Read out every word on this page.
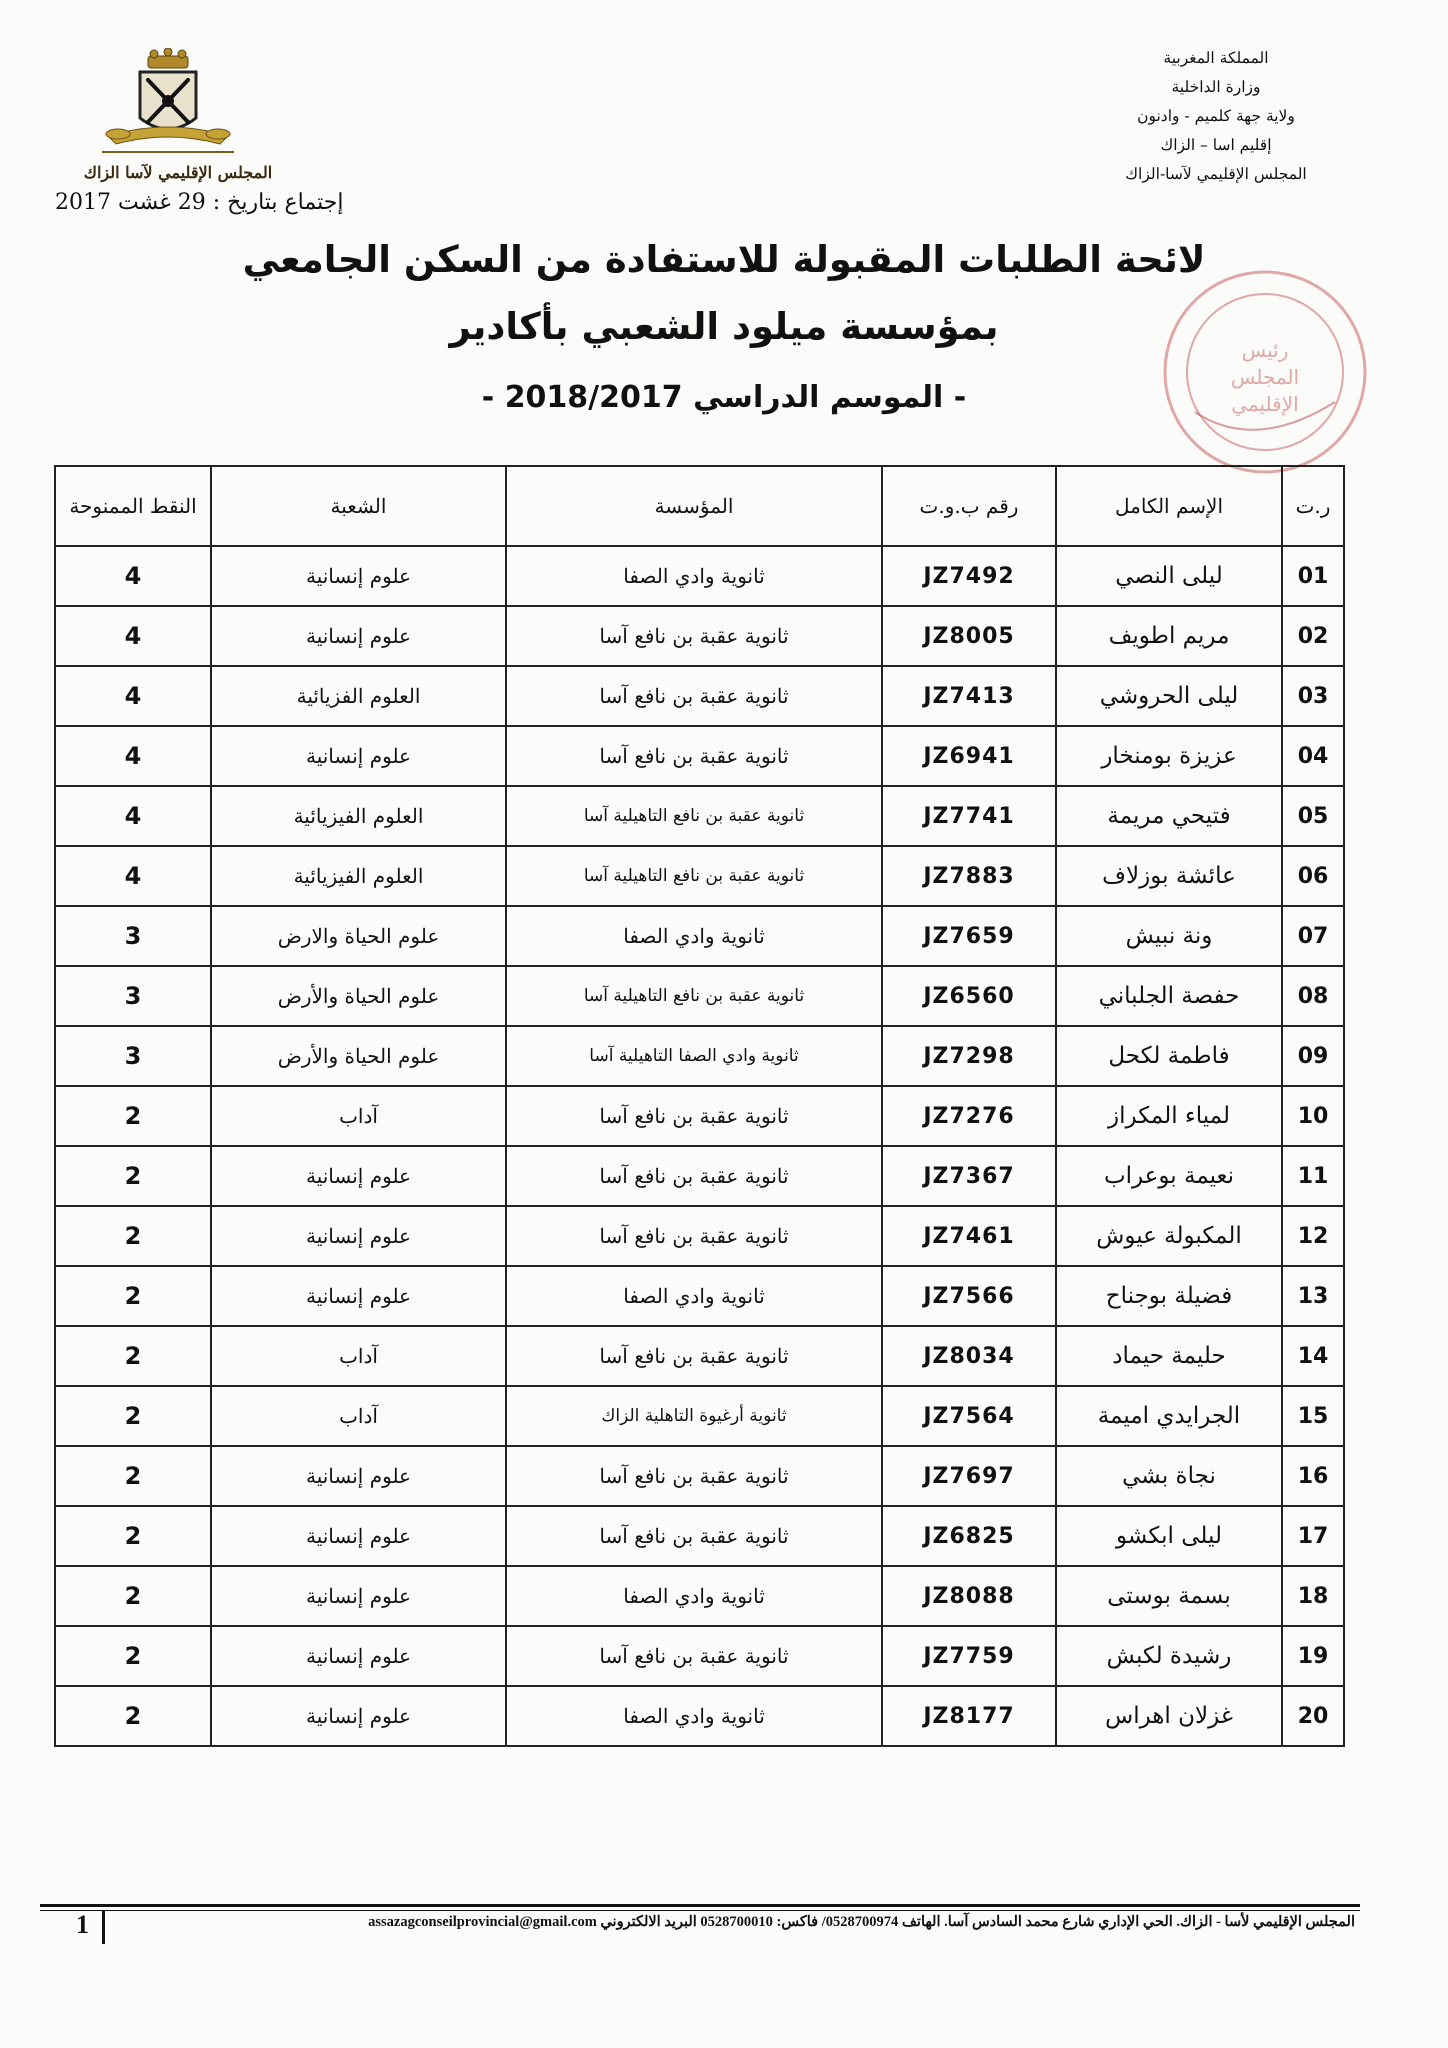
المجلس الإقليمي لآسا الزاك
إجتماع بتاريخ : 29 غشت 2017
المملكة المغربية
وزارة الداخلية
ولاية جهة كلميم - وادنون
إقليم اسا – الزاك
المجلس الإقليمي لآسا-الزاك
رئيس
المجلس
الإقليمي
لائحة الطلبات المقبولة للاستفادة من السكن الجامعي
بمؤسسة ميلود الشعبي بأكادير
- الموسم الدراسي 2018/2017 -
ر.ت	الإسم الكامل	رقم ب.و.ت	المؤسسة	الشعبة	النقط الممنوحة
01	ليلى النصي	JZ7492	ثانوية وادي الصفا	علوم إنسانية	4
02	مريم اطويف	JZ8005	ثانوية عقبة بن نافع آسا	علوم إنسانية	4
03	ليلى الحروشي	JZ7413	ثانوية عقبة بن نافع آسا	العلوم الفزيائية	4
04	عزيزة بومنخار	JZ6941	ثانوية عقبة بن نافع آسا	علوم إنسانية	4
05	فتيحي مريمة	JZ7741	ثانوية عقبة بن نافع التاهيلية آسا	العلوم الفيزيائية	4
06	عائشة بوزلاف	JZ7883	ثانوية عقبة بن نافع التاهيلية آسا	العلوم الفيزيائية	4
07	ونة نبيش	JZ7659	ثانوية وادي الصفا	علوم الحياة والارض	3
08	حفصة الجلباني	JZ6560	ثانوية عقبة بن نافع التاهيلية آسا	علوم الحياة والأرض	3
09	فاطمة لكحل	JZ7298	ثانوية وادي الصفا التاهيلية آسا	علوم الحياة والأرض	3
10	لمياء المكراز	JZ7276	ثانوية عقبة بن نافع آسا	آداب	2
11	نعيمة بوعراب	JZ7367	ثانوية عقبة بن نافع آسا	علوم إنسانية	2
12	المكبولة عيوش	JZ7461	ثانوية عقبة بن نافع آسا	علوم إنسانية	2
13	فضيلة بوجناح	JZ7566	ثانوية وادي الصفا	علوم إنسانية	2
14	حليمة حيماد	JZ8034	ثانوية عقبة بن نافع آسا	آداب	2
15	الجرايدي اميمة	JZ7564	ثانوية أرغيوة التاهلية الزاك	آداب	2
16	نجاة بشي	JZ7697	ثانوية عقبة بن نافع آسا	علوم إنسانية	2
17	ليلى ابكشو	JZ6825	ثانوية عقبة بن نافع آسا	علوم إنسانية	2
18	بسمة بوستى	JZ8088	ثانوية وادي الصفا	علوم إنسانية	2
19	رشيدة لكبش	JZ7759	ثانوية عقبة بن نافع آسا	علوم إنسانية	2
20	غزلان اهراس	JZ8177	ثانوية وادي الصفا	علوم إنسانية	2
1	المجلس الإقليمي لأسا - الزاك. الحي الإداري شارع محمد السادس آسا. الهاتف 0528700974/ فاكس: 0528700010 البريد الالكتروني assazagconseilprovincial@gmail.com
